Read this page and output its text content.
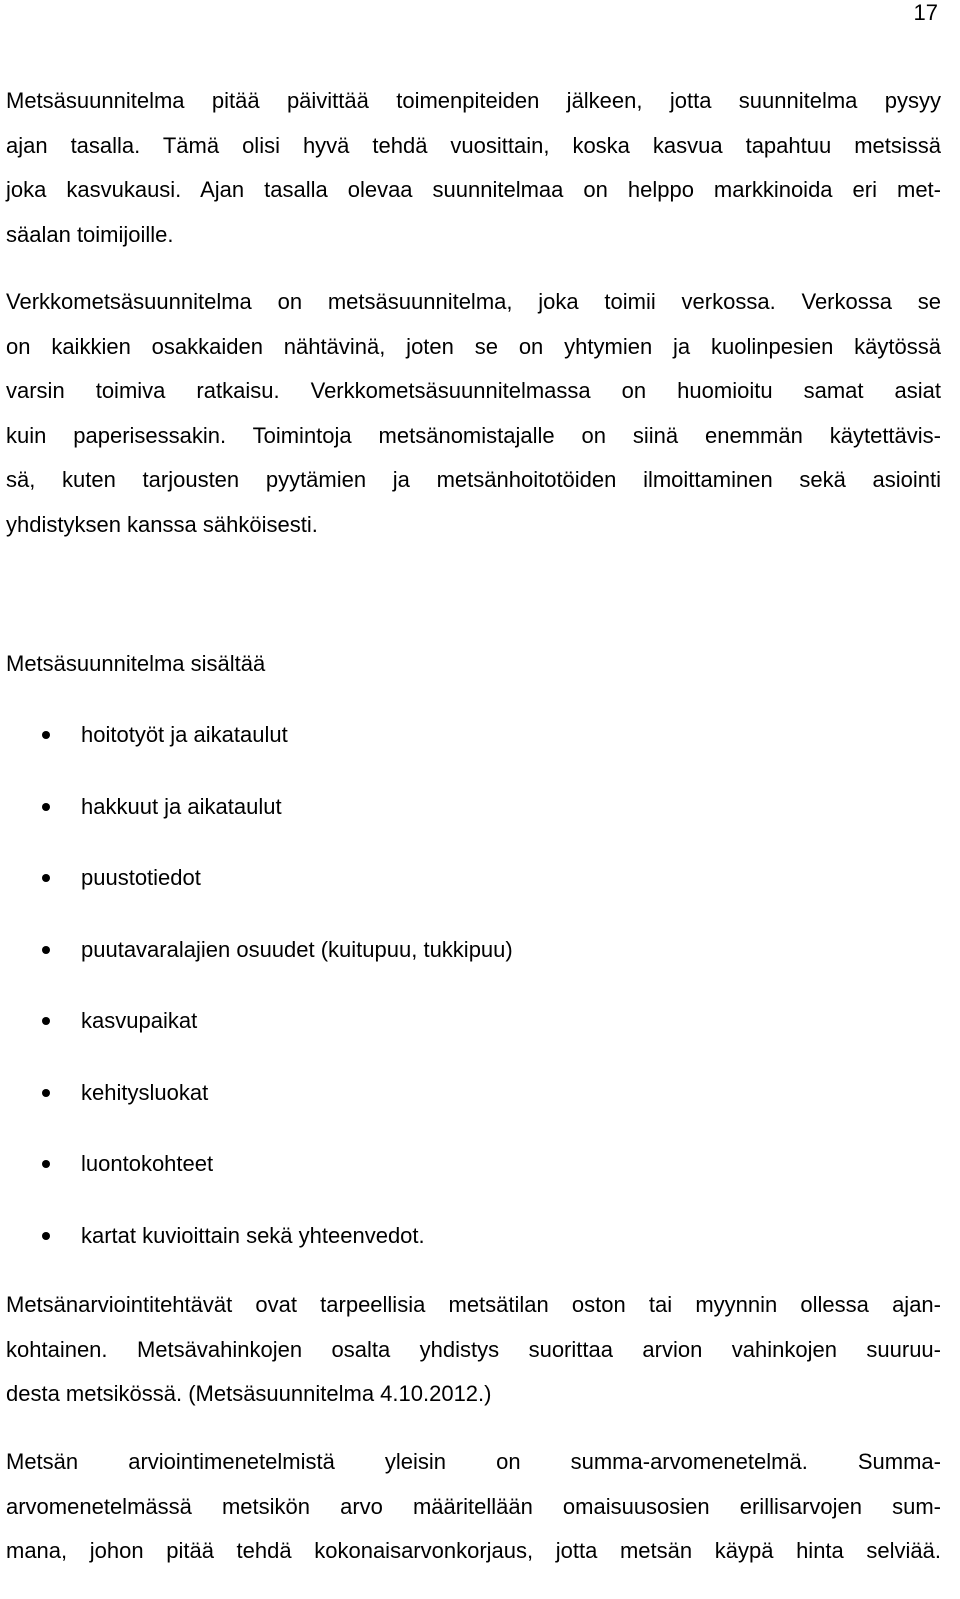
17
Metsäsuunnitelma pitää päivittää toimenpiteiden jälkeen, jotta suunnitelma pysyy
ajan tasalla. Tämä olisi hyvä tehdä vuosittain, koska kasvua tapahtuu metsissä
joka kasvukausi. Ajan tasalla olevaa suunnitelmaa on helppo markkinoida eri met-
säalan toimijoille.
Verkkometsäsuunnitelma on metsäsuunnitelma, joka toimii verkossa. Verkossa se
on kaikkien osakkaiden nähtävinä, joten se on yhtymien ja kuolinpesien käytössä
varsin toimiva ratkaisu. Verkkometsäsuunnitelmassa on huomioitu samat asiat
kuin paperisessakin. Toimintoja metsänomistajalle on siinä enemmän käytettävis-
sä, kuten tarjousten pyytämien ja metsänhoitotöiden ilmoittaminen sekä asiointi
yhdistyksen kanssa sähköisesti.
Metsäsuunnitelma sisältää
hoitotyöt ja aikataulut
hakkuut ja aikataulut
puustotiedot
puutavaralajien osuudet (kuitupuu, tukkipuu)
kasvupaikat
kehitysluokat
luontokohteet
kartat kuvioittain sekä yhteenvedot.
Metsänarviointitehtävät ovat tarpeellisia metsätilan oston tai myynnin ollessa ajan-
kohtainen. Metsävahinkojen osalta yhdistys suorittaa arvion vahinkojen suuruu-
desta metsikössä. (Metsäsuunnitelma 4.10.2012.)
Metsän arviointimenetelmistä yleisin on summa-arvomenetelmä. Summa-
arvomenetelmässä metsikön arvo määritellään omaisuusosien erillisarvojen sum-
mana, johon pitää tehdä kokonaisarvonkorjaus, jotta metsän käypä hinta selviää.
